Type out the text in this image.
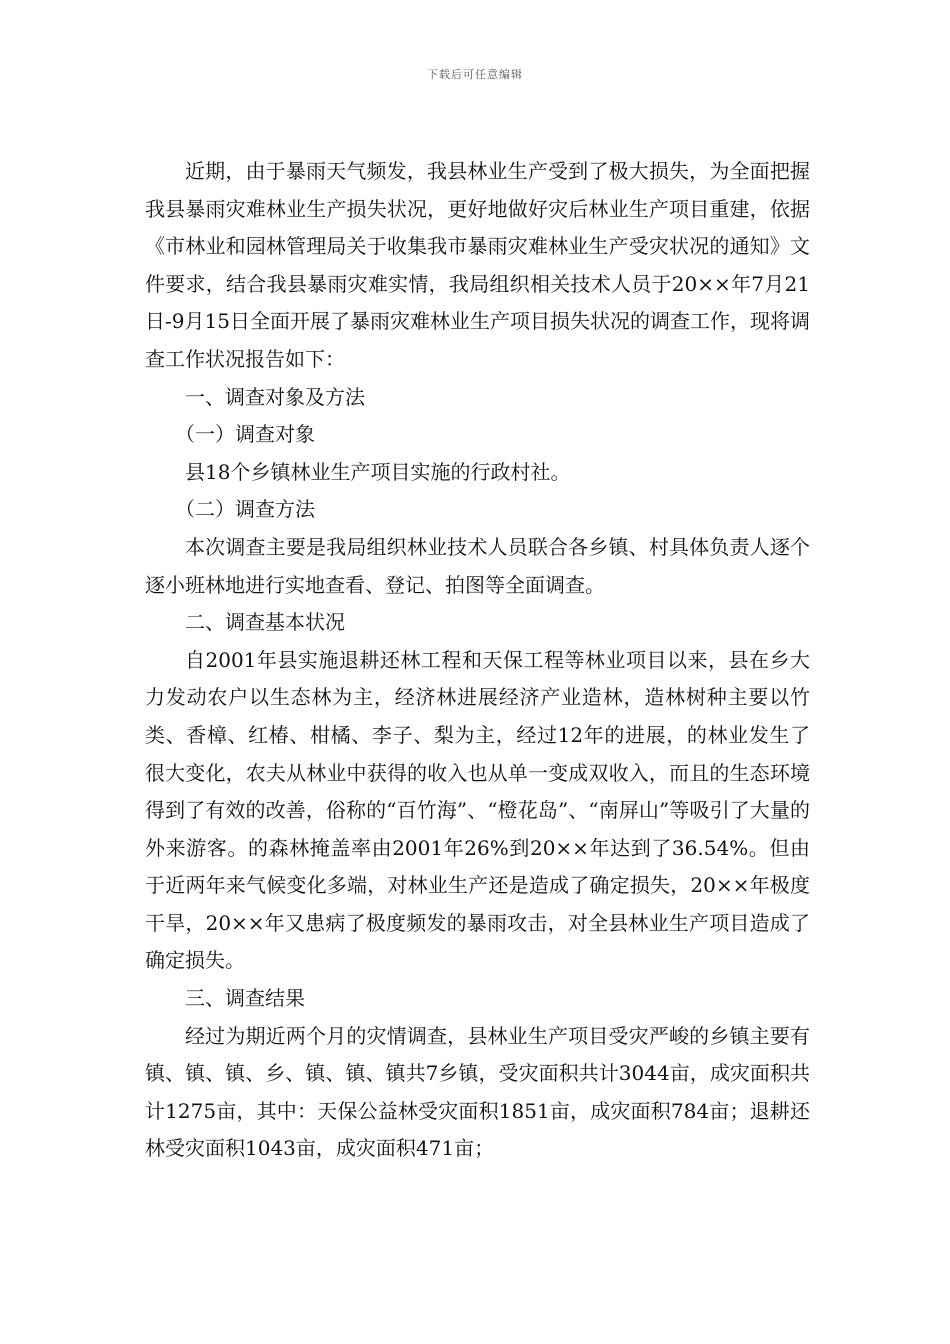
下载后可任意编辑

近期，由于暴雨天气频发，我县林业生产受到了极大损失，为全面把握我县暴雨灾难林业生产损失状况，更好地做好灾后林业生产项目重建，依据《市林业和园林管理局关于收集我市暴雨灾难林业生产受灾状况的通知》文件要求，结合我县暴雨灾难实情，我局组织相关技术人员于20××年7月21日-9月15日全面开展了暴雨灾难林业生产项目损失状况的调查工作，现将调查工作状况报告如下：

一、调查对象及方法

（一）调查对象

县18个乡镇林业生产项目实施的行政村社。

（二）调查方法

本次调查主要是我局组织林业技术人员联合各乡镇、村具体负责人逐个逐小班林地进行实地查看、登记、拍图等全面调查。

二、调查基本状况

自2001年县实施退耕还林工程和天保工程等林业项目以来，县在乡大力发动农户以生态林为主，经济林进展经济产业造林，造林树种主要以竹类、香樟、红椿、柑橘、李子、梨为主，经过12年的进展，的林业发生了很大变化，农夫从林业中获得的收入也从单一变成双收入，而且的生态环境得到了有效的改善，俗称的“百竹海”、“橙花岛”、“南屏山”等吸引了大量的外来游客。的森林掩盖率由2001年26%到20××年达到了36.54%。但由于近两年来气候变化多端，对林业生产还是造成了确定损失，20××年极度干旱，20××年又患病了极度频发的暴雨攻击，对全县林业生产项目造成了确定损失。

三、调查结果

经过为期近两个月的灾情调查，县林业生产项目受灾严峻的乡镇主要有镇、镇、镇、乡、镇、镇、镇共7乡镇，受灾面积共计3044亩，成灾面积共计1275亩，其中：天保公益林受灾面积1851亩，成灾面积784亩；退耕还林受灾面积1043亩，成灾面积471亩；
